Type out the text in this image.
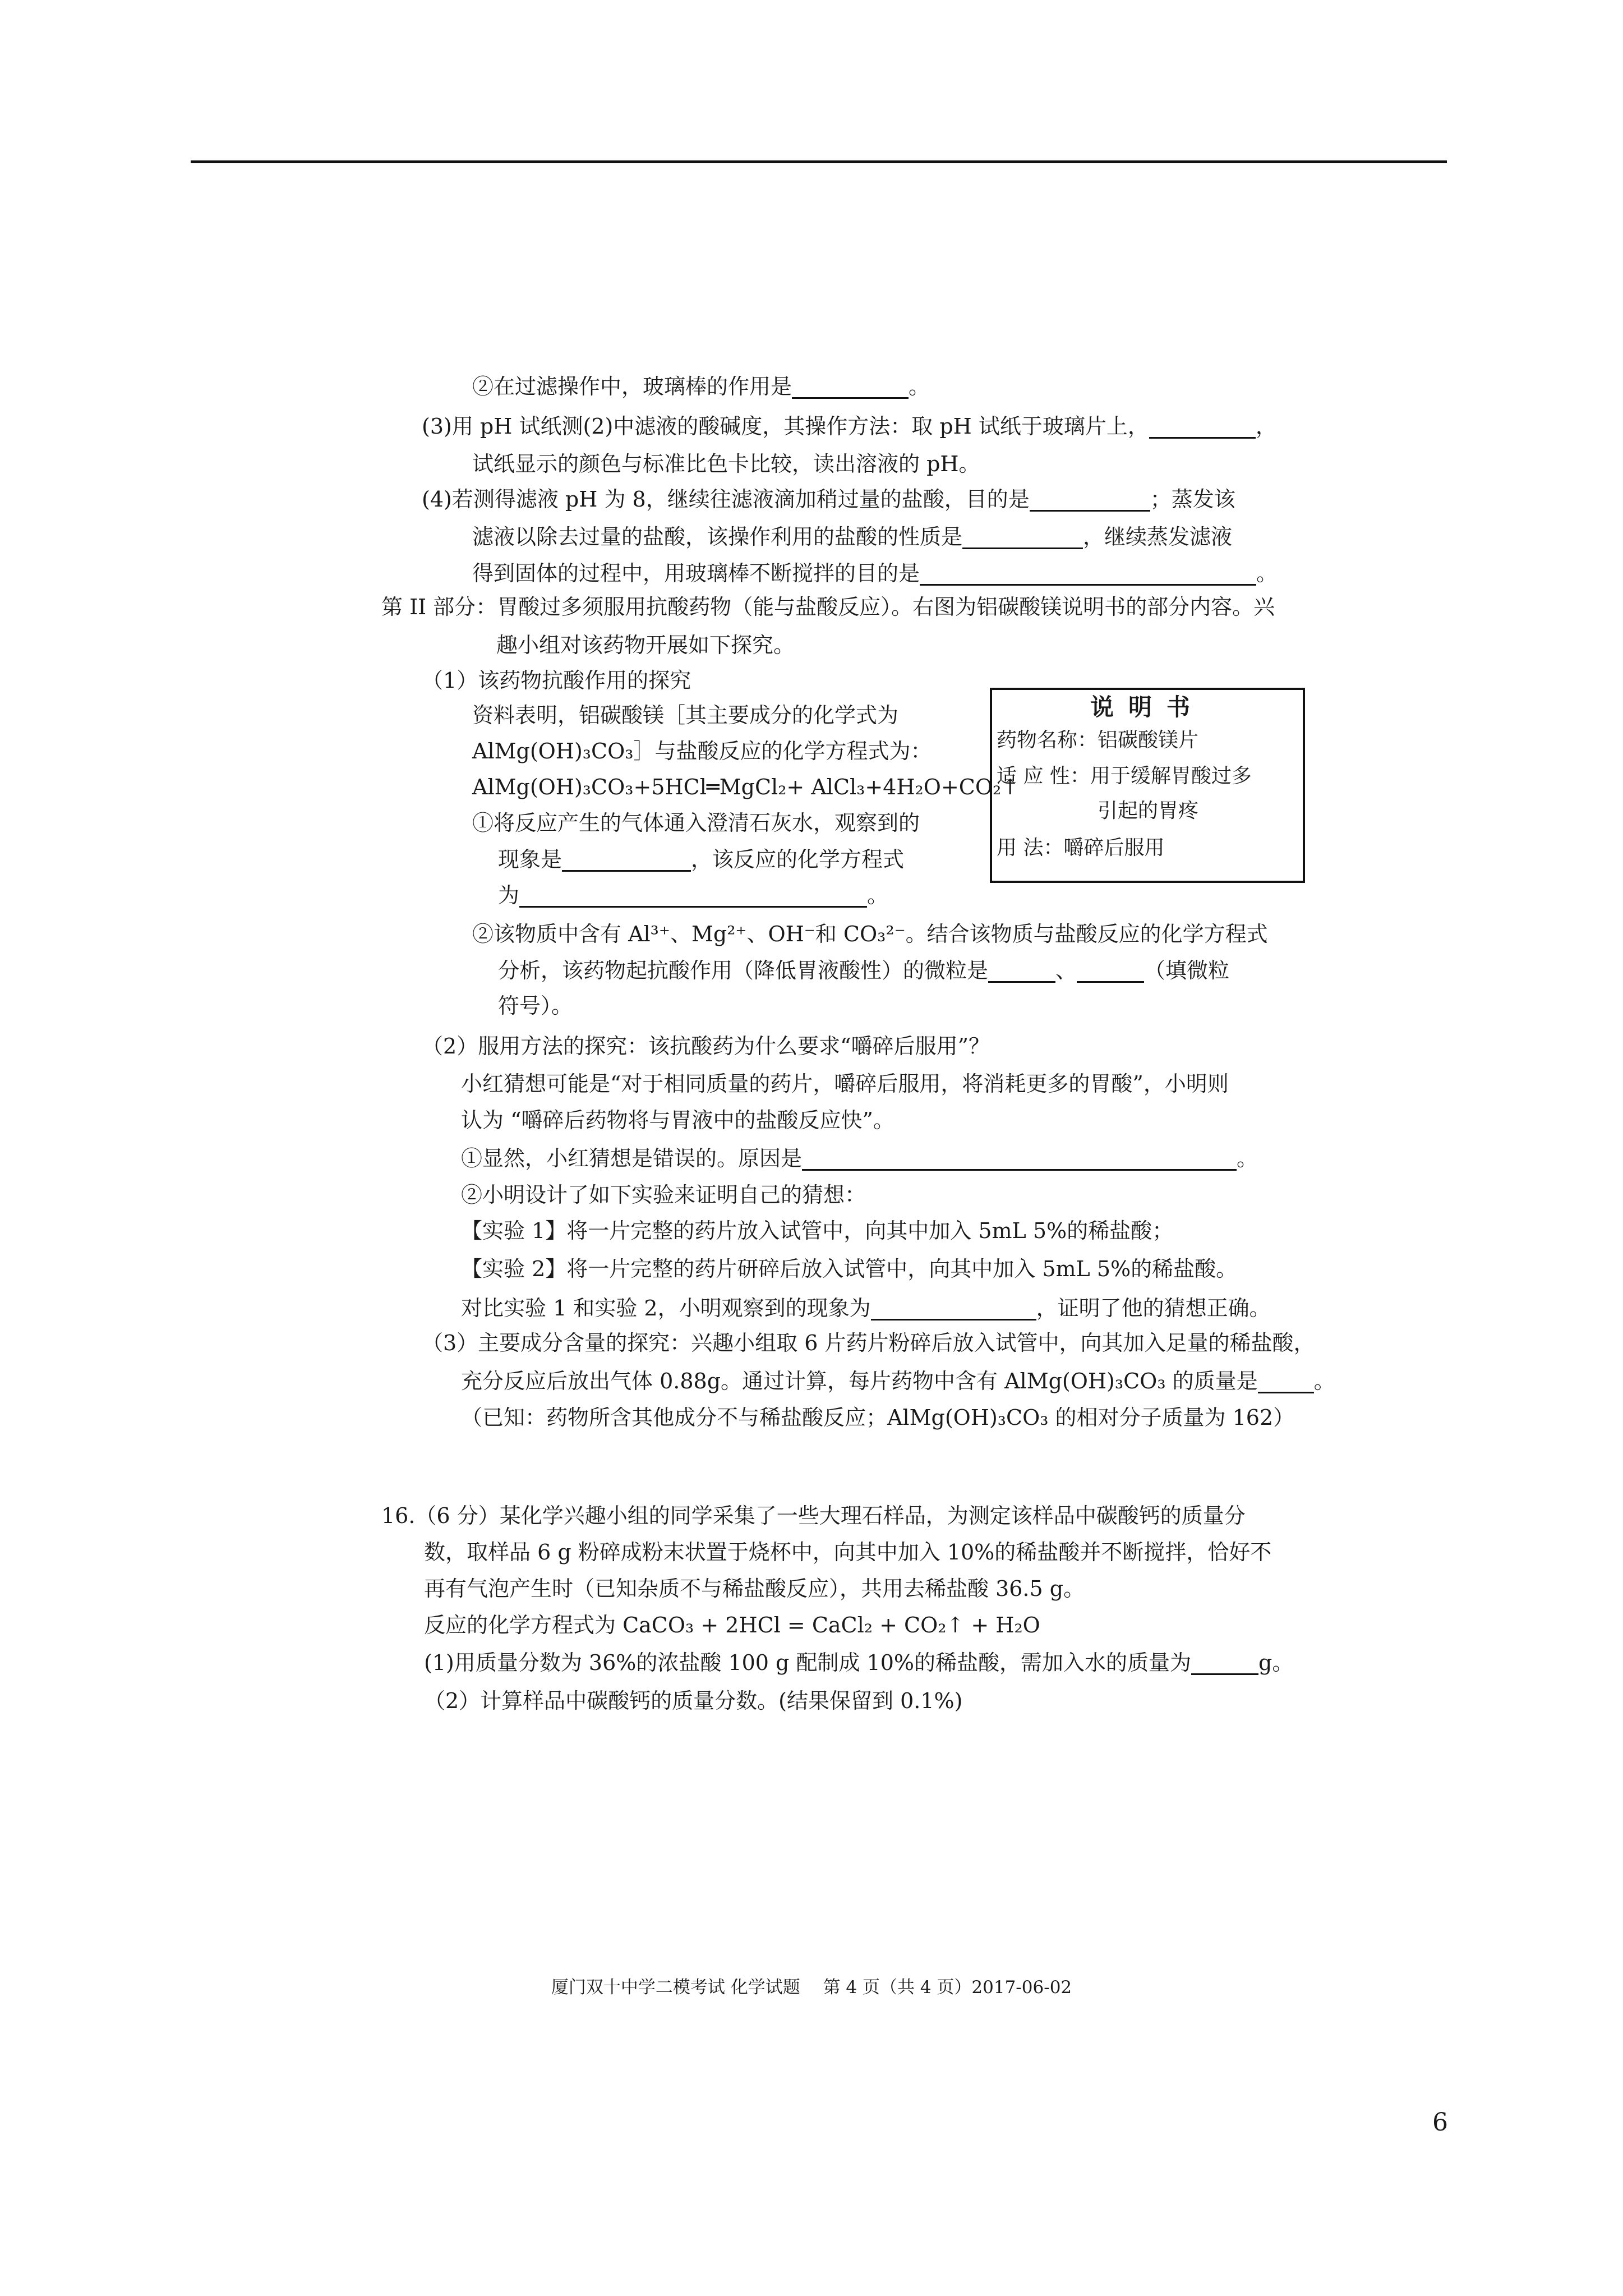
②在过滤操作中，玻璃棒的作用是	。
(3)用 pH 试纸测(2)中滤液的酸碱度，其操作方法：取 pH 试纸于玻璃片上，	，
试纸显示的颜色与标准比色卡比较，读出溶液的 pH。
(4)若测得滤液 pH 为 8，继续往滤液滴加稍过量的盐酸，目的是	；蒸发该
滤液以除去过量的盐酸，该操作利用的盐酸的性质是	，继续蒸发滤液
得到固体的过程中，用玻璃棒不断搅拌的目的是	。
第 II 部分：胃酸过多须服用抗酸药物（能与盐酸反应）。右图为铝碳酸镁说明书的部分内容。兴
趣小组对该药物开展如下探究。
（1）该药物抗酸作用的探究
资料表明，铝碳酸镁［其主要成分的化学式为
AlMg(OH)₃CO₃］与盐酸反应的化学方程式为：
AlMg(OH)₃CO₃+5HCl═MgCl₂+ AlCl₃+4H₂O+CO₂↑
①将反应产生的气体通入澄清石灰水，观察到的
现象是	，该反应的化学方程式
为	。
说明书
药物名称：铝碳酸镁片
适 应 性：用于缓解胃酸过多
引起的胃疼
用 法：嚼碎后服用
②该物质中含有 Al³⁺、Mg²⁺、OH⁻和 CO₃²⁻。结合该物质与盐酸反应的化学方程式
分析，该药物起抗酸作用（降低胃液酸性）的微粒是	、	（填微粒
符号）。
（2）服用方法的探究：该抗酸药为什么要求“嚼碎后服用”？
小红猜想可能是“对于相同质量的药片，嚼碎后服用，将消耗更多的胃酸”，小明则
认为 “嚼碎后药物将与胃液中的盐酸反应快”。
①显然，小红猜想是错误的。原因是	。
②小明设计了如下实验来证明自己的猜想：
【实验 1】将一片完整的药片放入试管中，向其中加入 5mL 5%的稀盐酸；
【实验 2】将一片完整的药片研碎后放入试管中，向其中加入 5mL 5%的稀盐酸。
对比实验 1 和实验 2，小明观察到的现象为	，证明了他的猜想正确。
（3）主要成分含量的探究：兴趣小组取 6 片药片粉碎后放入试管中，向其加入足量的稀盐酸，
充分反应后放出气体 0.88g。通过计算，每片药物中含有 AlMg(OH)₃CO₃ 的质量是	。
（已知：药物所含其他成分不与稀盐酸反应；AlMg(OH)₃CO₃ 的相对分子质量为 162）
16.（6 分）某化学兴趣小组的同学采集了一些大理石样品，为测定该样品中碳酸钙的质量分
数，取样品 6 g 粉碎成粉末状置于烧杯中，向其中加入 10%的稀盐酸并不断搅拌，恰好不
再有气泡产生时（已知杂质不与稀盐酸反应），共用去稀盐酸 36.5 g。
反应的化学方程式为 CaCO₃ + 2HCl = CaCl₂ + CO₂↑ + H₂O
(1)用质量分数为 36%的浓盐酸 100 g 配制成 10%的稀盐酸，需加入水的质量为	g。
（2）计算样品中碳酸钙的质量分数。(结果保留到 0.1%)
厦门双十中学二模考试 化学试题　 第 4 页（共 4 页）2017-06-02
6
